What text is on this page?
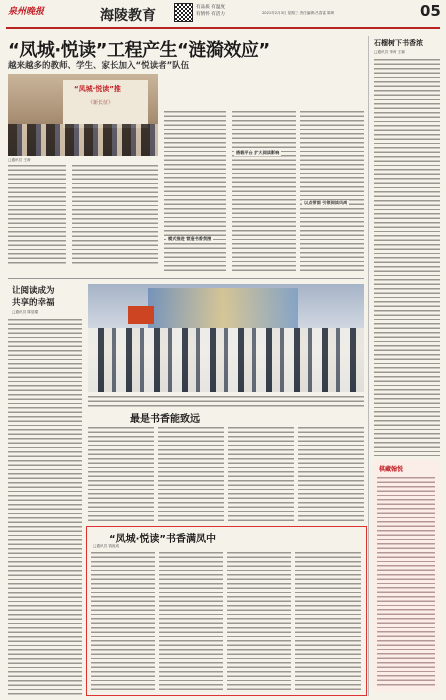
泉州晚报	海陵教育
有品质 有温度
有情怀 有活力	2021年2月3日 星期三 责任编辑:吕春雷 陈琦	05
“凤城·悦读”工程产生“涟漪效应”
越来越多的教师、学生、家长加入“悦读者”队伍
石榴树下书香浓
□通讯员 李育 王颖
棋藏翰悦
“凤城·悦读”推
《新长征》
□通讯员 王涛
模式推进 营造书香氛围
搭载平台 扩大阅读影响
以点带面 引领阅读风尚
让阅读成为
共享的幸福
□通讯员 陈显耀
最是书香能致远
“凤城·悦读”书香满凤中
□通讯员 钱庭成
